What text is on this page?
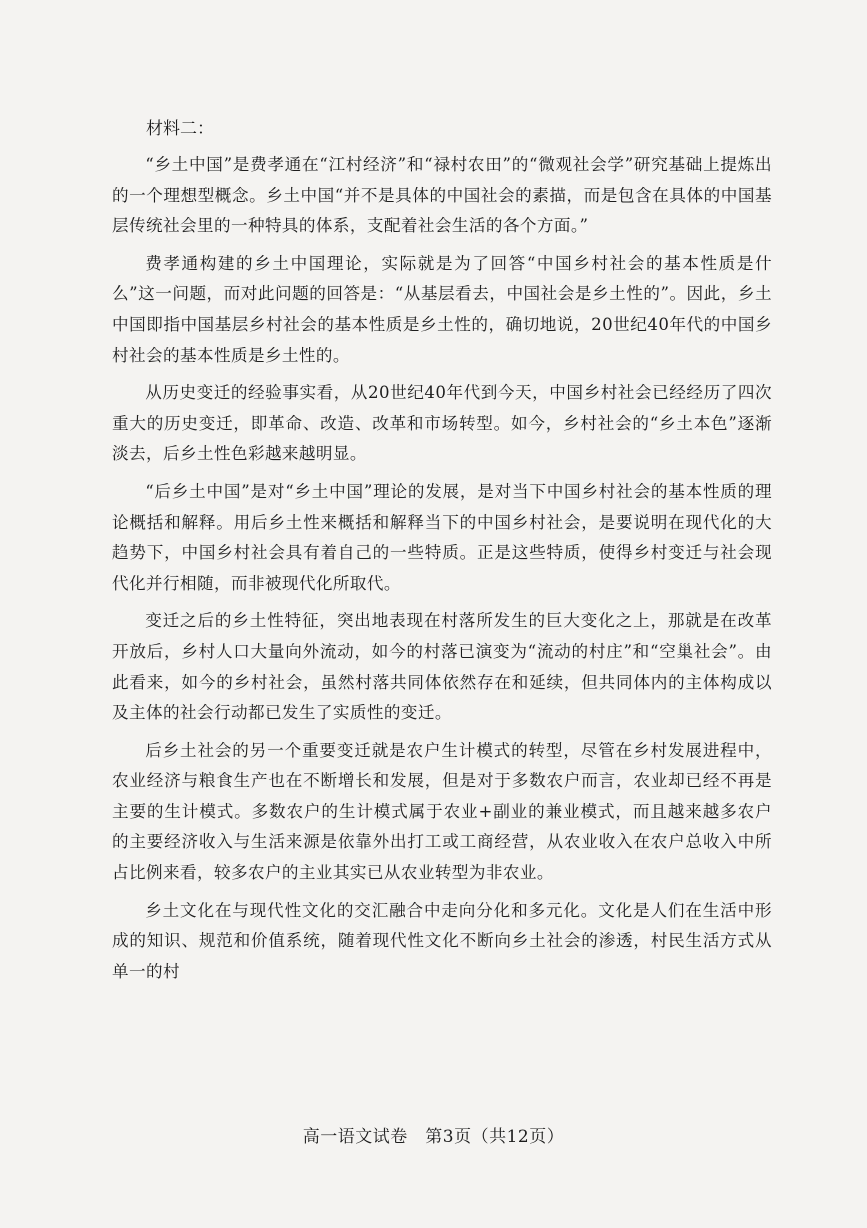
材料二：

“乡土中国”是费孝通在“江村经济”和“禄村农田”的“微观社会学”研究基础上提炼出的一个理想型概念。乡土中国“并不是具体的中国社会的素描，而是包含在具体的中国基层传统社会里的一种特具的体系，支配着社会生活的各个方面。”

费孝通构建的乡土中国理论，实际就是为了回答“中国乡村社会的基本性质是什么”这一问题，而对此问题的回答是：“从基层看去，中国社会是乡土性的”。因此，乡土中国即指中国基层乡村社会的基本性质是乡土性的，确切地说，20世纪40年代的中国乡村社会的基本性质是乡土性的。

从历史变迁的经验事实看，从20世纪40年代到今天，中国乡村社会已经经历了四次重大的历史变迁，即革命、改造、改革和市场转型。如今，乡村社会的“乡土本色”逐渐淡去，后乡土性色彩越来越明显。

“后乡土中国”是对“乡土中国”理论的发展，是对当下中国乡村社会的基本性质的理论概括和解释。用后乡土性来概括和解释当下的中国乡村社会，是要说明在现代化的大趋势下，中国乡村社会具有着自己的一些特质。正是这些特质，使得乡村变迁与社会现代化并行相随，而非被现代化所取代。

变迁之后的乡土性特征，突出地表现在村落所发生的巨大变化之上，那就是在改革开放后，乡村人口大量向外流动，如今的村落已演变为“流动的村庄”和“空巢社会”。由此看来，如今的乡村社会，虽然村落共同体依然存在和延续，但共同体内的主体构成以及主体的社会行动都已发生了实质性的变迁。

后乡土社会的另一个重要变迁就是农户生计模式的转型，尽管在乡村发展进程中，农业经济与粮食生产也在不断增长和发展，但是对于多数农户而言，农业却已经不再是主要的生计模式。多数农户的生计模式属于农业+副业的兼业模式，而且越来越多农户的主要经济收入与生活来源是依靠外出打工或工商经营，从农业收入在农户总收入中所占比例来看，较多农户的主业其实已从农业转型为非农业。

乡土文化在与现代性文化的交汇融合中走向分化和多元化。文化是人们在生活中形成的知识、规范和价值系统，随着现代性文化不断向乡土社会的渗透，村民生活方式从单一的村

高一语文试卷　第3页（共12页）
